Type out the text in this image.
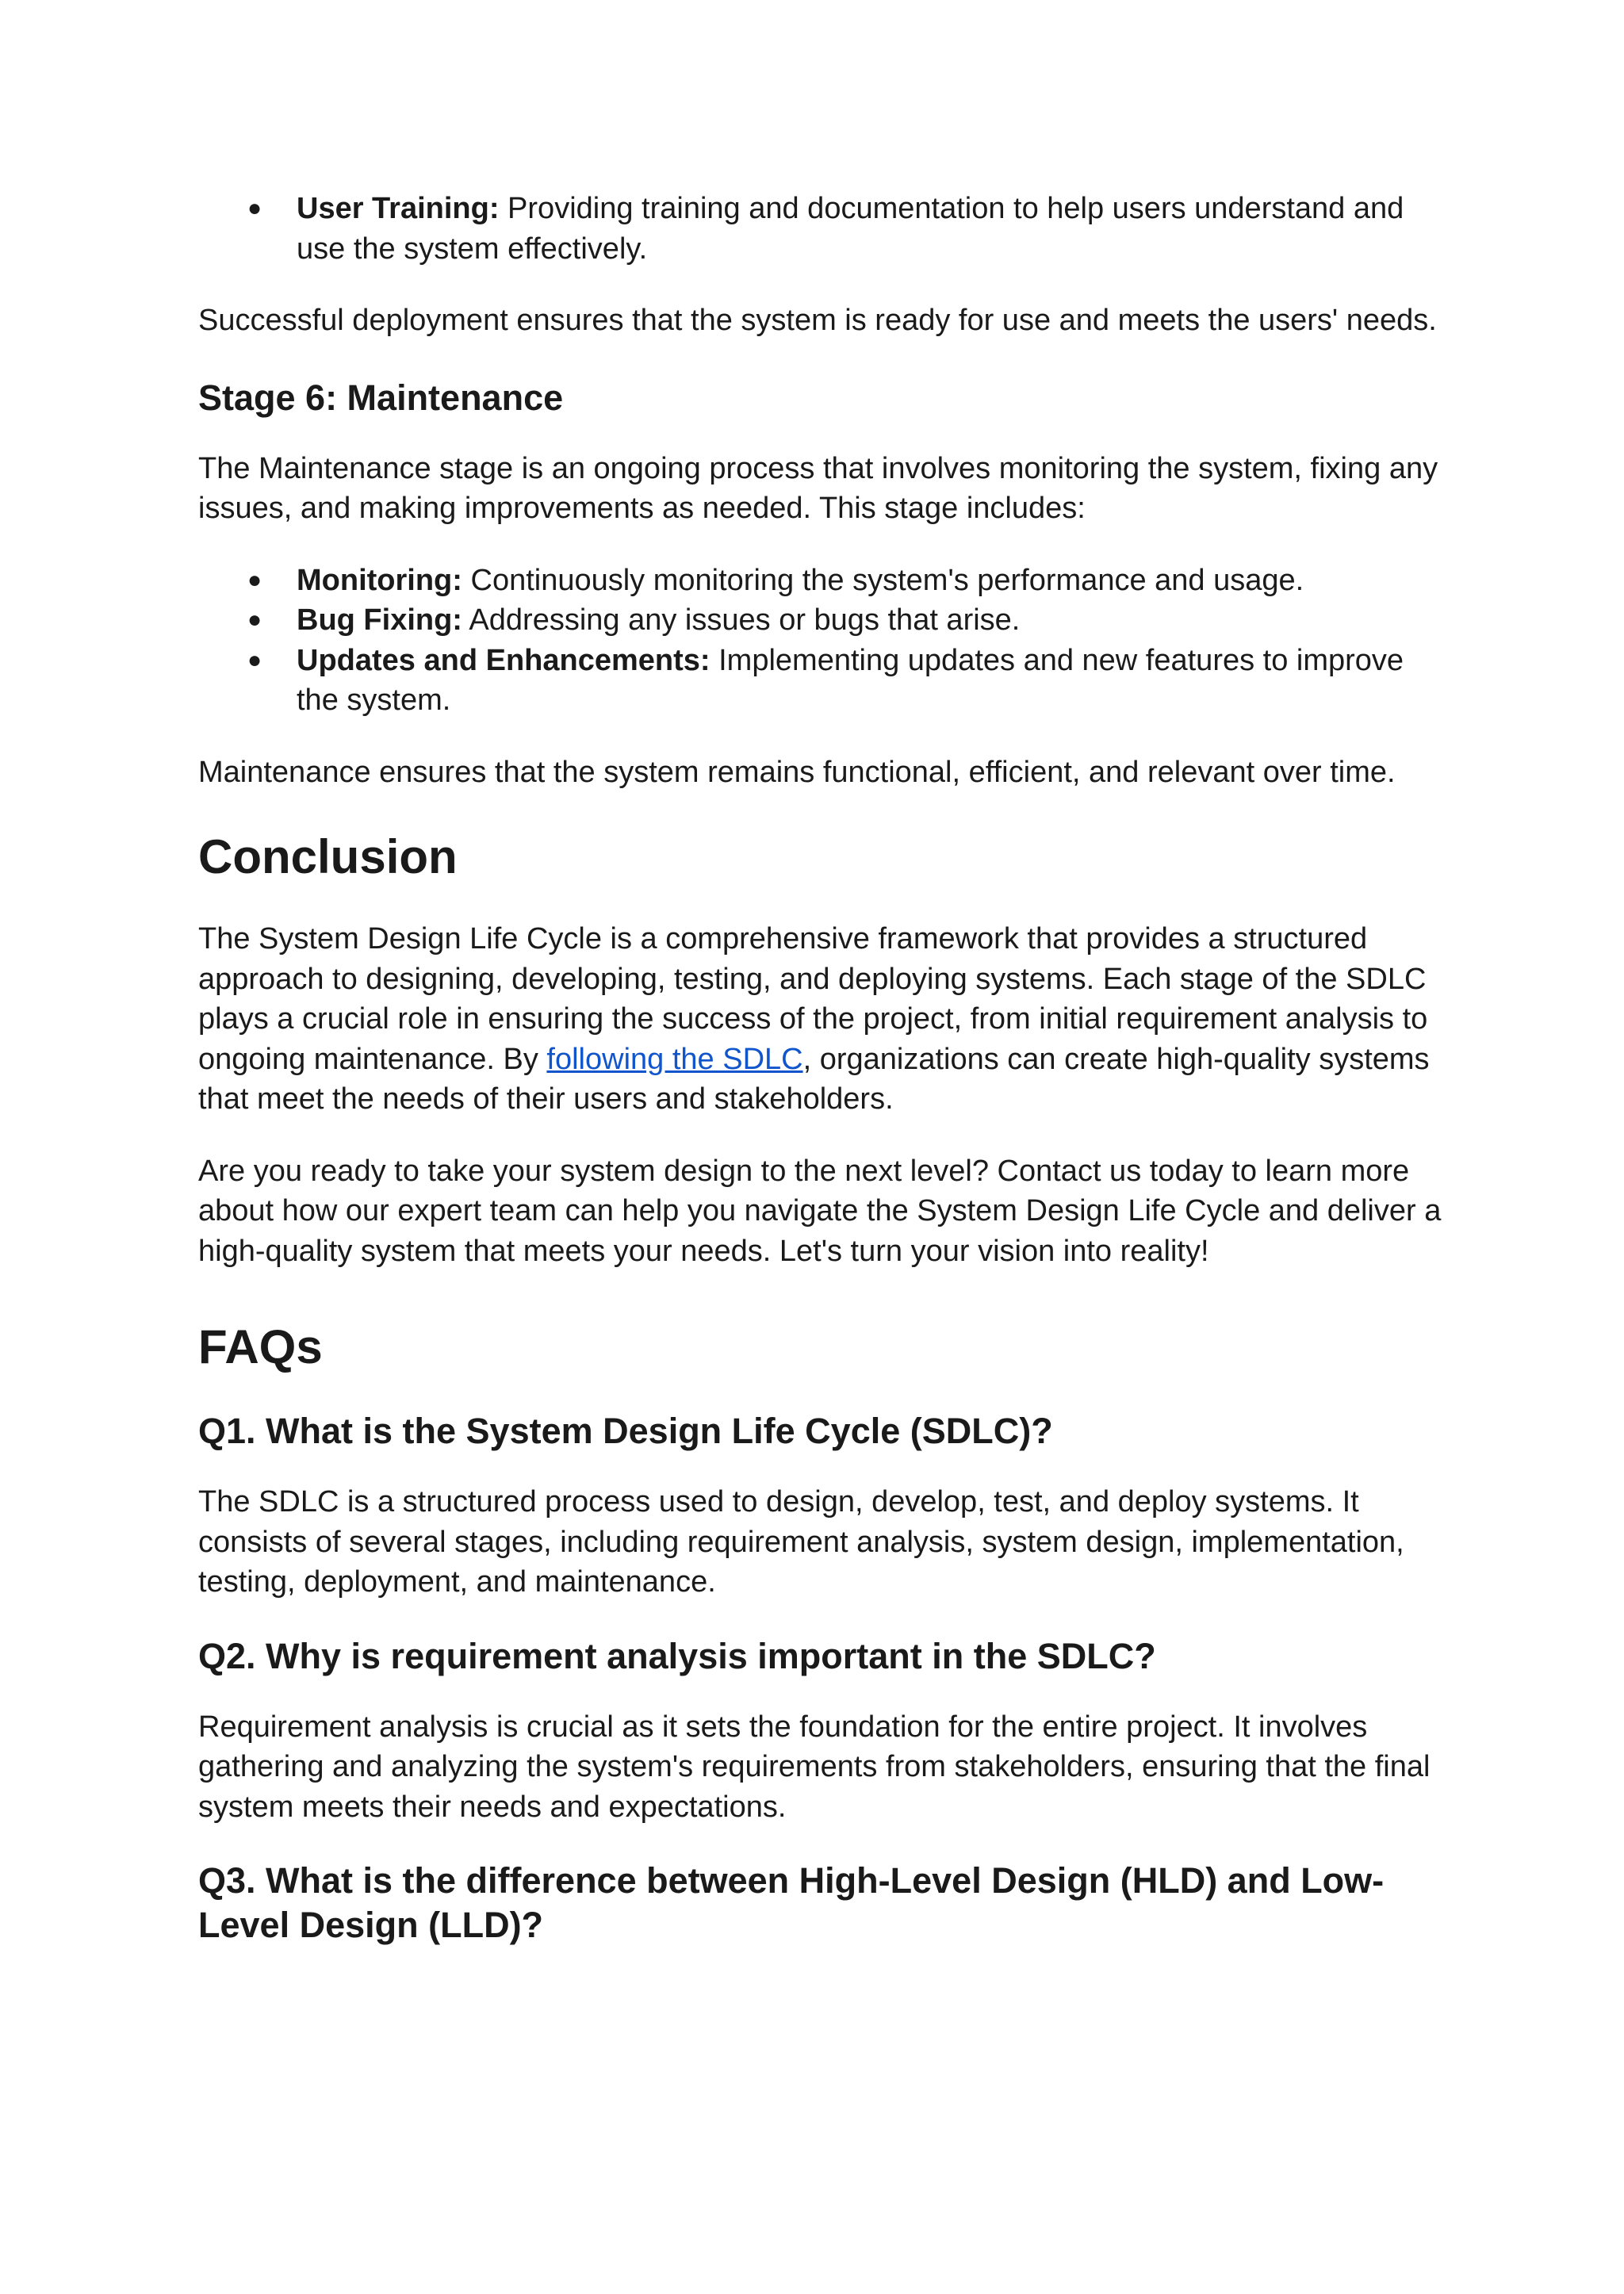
● User Training: Providing training and documentation to help users understand and use the system effectively.

Successful deployment ensures that the system is ready for use and meets the users' needs.

Stage 6: Maintenance

The Maintenance stage is an ongoing process that involves monitoring the system, fixing any issues, and making improvements as needed. This stage includes:

● Monitoring: Continuously monitoring the system's performance and usage.
● Bug Fixing: Addressing any issues or bugs that arise.
● Updates and Enhancements: Implementing updates and new features to improve the system.

Maintenance ensures that the system remains functional, efficient, and relevant over time.

Conclusion

The System Design Life Cycle is a comprehensive framework that provides a structured approach to designing, developing, testing, and deploying systems. Each stage of the SDLC plays a crucial role in ensuring the success of the project, from initial requirement analysis to ongoing maintenance. By following the SDLC, organizations can create high-quality systems that meet the needs of their users and stakeholders.

Are you ready to take your system design to the next level? Contact us today to learn more about how our expert team can help you navigate the System Design Life Cycle and deliver a high-quality system that meets your needs. Let's turn your vision into reality!

FAQs
Q1. What is the System Design Life Cycle (SDLC)?

The SDLC is a structured process used to design, develop, test, and deploy systems. It consists of several stages, including requirement analysis, system design, implementation, testing, deployment, and maintenance.

Q2. Why is requirement analysis important in the SDLC?

Requirement analysis is crucial as it sets the foundation for the entire project. It involves gathering and analyzing the system's requirements from stakeholders, ensuring that the final system meets their needs and expectations.

Q3. What is the difference between High-Level Design (HLD) and Low-Level Design (LLD)?
